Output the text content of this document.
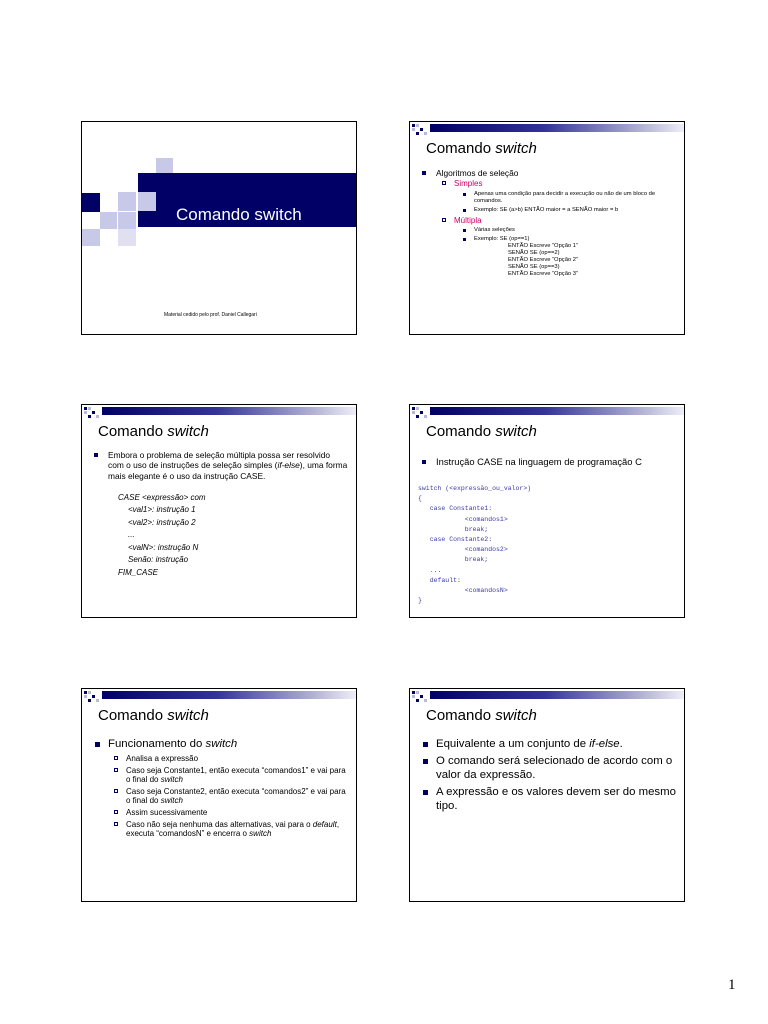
Comando switch
Material cedido pelo prof. Daniel Callegari
Comando switch
Algoritmos de seleção
Simples
Apenas uma condição para decidir a execução ou não de um bloco de comandos.
Exemplo: SE (a>b) ENTÃO maior = a SENÃO maior = b
Múltipla
Várias seleções
Exemplo: SE (op==1)
ENTÃO Escreve “Opção 1”
SENÃO SE (op==2)
ENTÃO Escreve “Opção 2”
SENÃO SE (op==3)
ENTÃO Escreve “Opção 3”
Comando switch
Embora o problema de seleção múltipla possa ser resolvido com o uso de instruções de seleção simples (if-else), uma forma mais elegante é o uso da instrução CASE.
CASE <expressão> com
<val1>: instrução 1
<val2>: instrução 2
...
<valN>: instrução N
Senão: instrução
FIM_CASE
Comando switch
Instrução CASE na linguagem de programação C
switch (<expressão_ou_valor>)
{
case Constante1:
<comandos1>
break;
case Constante2:
<comandos2>
break;
...
default:
<comandosN>
}
Comando switch
Funcionamento do switch
Analisa a expressão
Caso seja Constante1, então executa “comandos1” e vai para o final do switch
Caso seja Constante2, então executa “comandos2” e vai para o final do switch
Assim sucessivamente
Caso não seja nenhuma das alternativas, vai para o default, executa “comandosN” e encerra o switch
Comando switch
Equivalente a um conjunto de if-else.
O comando será selecionado de acordo com o valor da expressão.
A expressão e os valores devem ser do mesmo tipo.
1
